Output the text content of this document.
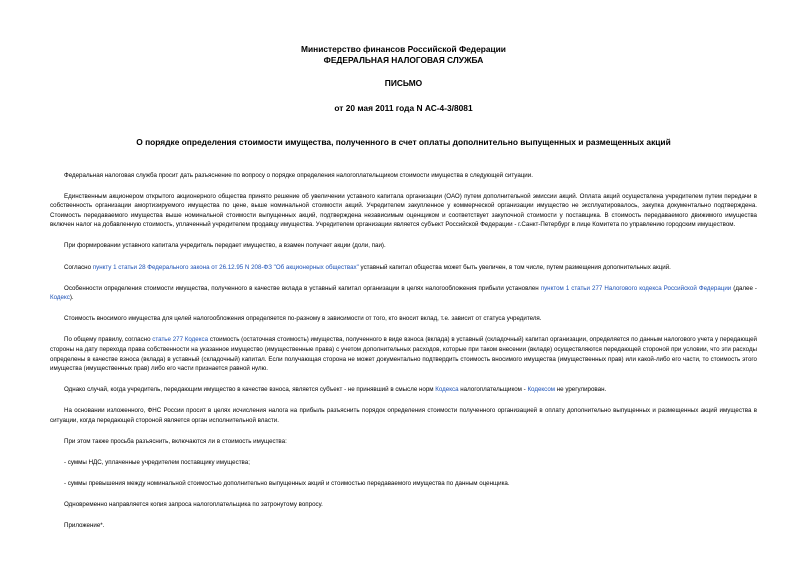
Министерство финансов Российской Федерации
ФЕДЕРАЛЬНАЯ НАЛОГОВАЯ СЛУЖБА
ПИСЬМО
от 20 мая 2011 года N АС-4-3/8081
О порядке определения стоимости имущества, полученного в счет оплаты дополнительно выпущенных и размещенных акций

Федеральная налоговая служба просит дать разъяснение по вопросу о порядке определения налогоплательщиком стоимости имущества в следующей ситуации.

Единственным акционером открытого акционерного общества принято решение об увеличении уставного капитала организации (ОАО) путем дополнительной эмиссии акций. Оплата акций осуществлена учредителем путем передачи в собственность организации амортизируемого имущества по цене, выше номинальной стоимости акций. Учредителем закупленное у коммерческой организации имущество не эксплуатировалось, закупка документально подтверждена. Стоимость передаваемого имущества выше номинальной стоимости выпущенных акций, подтверждена независимым оценщиком и соответствует закупочной стоимости у поставщика. В стоимость передаваемого движимого имущества включен налог на добавленную стоимость, уплаченный учредителем продавцу имущества. Учредителем организации является субъект Российской Федерации - г.Санкт-Петербург в лице Комитета по управлению городским имуществом.

При формировании уставного капитала учредитель передает имущество, а взамен получает акции (доли, паи).

Согласно пункту 1 статьи 28 Федерального закона от 26.12.95 N 208-ФЗ "Об акционерных обществах" уставный капитал общества может быть увеличен, в том числе, путем размещения дополнительных акций.

Особенности определения стоимости имущества, полученного в качестве вклада в уставный капитал организации в целях налогообложения прибыли установлен пунктом 1 статьи 277 Налогового кодекса Российской Федерации (далее - Кодекс).

Стоимость вносимого имущества для целей налогообложения определяется по-разному в зависимости от того, кто вносит вклад, т.е. зависит от статуса учредителя.

По общему правилу, согласно статье 277 Кодекса стоимость (остаточная стоимость) имущества, полученного в виде взноса (вклада) в уставный (складочный) капитал организации, определяется по данным налогового учета у передающей стороны на дату перехода права собственности на указанное имущество (имущественные права) с учетом дополнительных расходов, которые при таком внесении (вкладе) осуществляются передающей стороной при условии, что эти расходы определены в качестве взноса (вклада) в уставный (складочный) капитал. Если получающая сторона не может документально подтвердить стоимость вносимого имущества (имущественных прав) или какой-либо его части, то стоимость этого имущества (имущественных прав) либо его части признается равной нулю.

Однако случай, когда учредитель, передающим имущество в качестве взноса, является субъект - не принявший в смысле норм Кодекса налогоплательщиком - Кодексом не урегулирован.

На основании изложенного, ФНС России просит в целях исчисления налога на прибыль разъяснить порядок определения стоимости полученного организацией в оплату дополнительно выпущенных и размещенных акций имущества в ситуации, когда передающей стороной является орган исполнительной власти.

При этом также просьба разъяснить, включаются ли в стоимость имущества:

- суммы НДС, уплаченные учредителем поставщику имущества;

- суммы превышения между номинальной стоимостью дополнительно выпущенных акций и стоимостью передаваемого имущества по данным оценщика.

Одновременно направляется копия запроса налогоплательщика по затронутому вопросу.

Приложение*.
